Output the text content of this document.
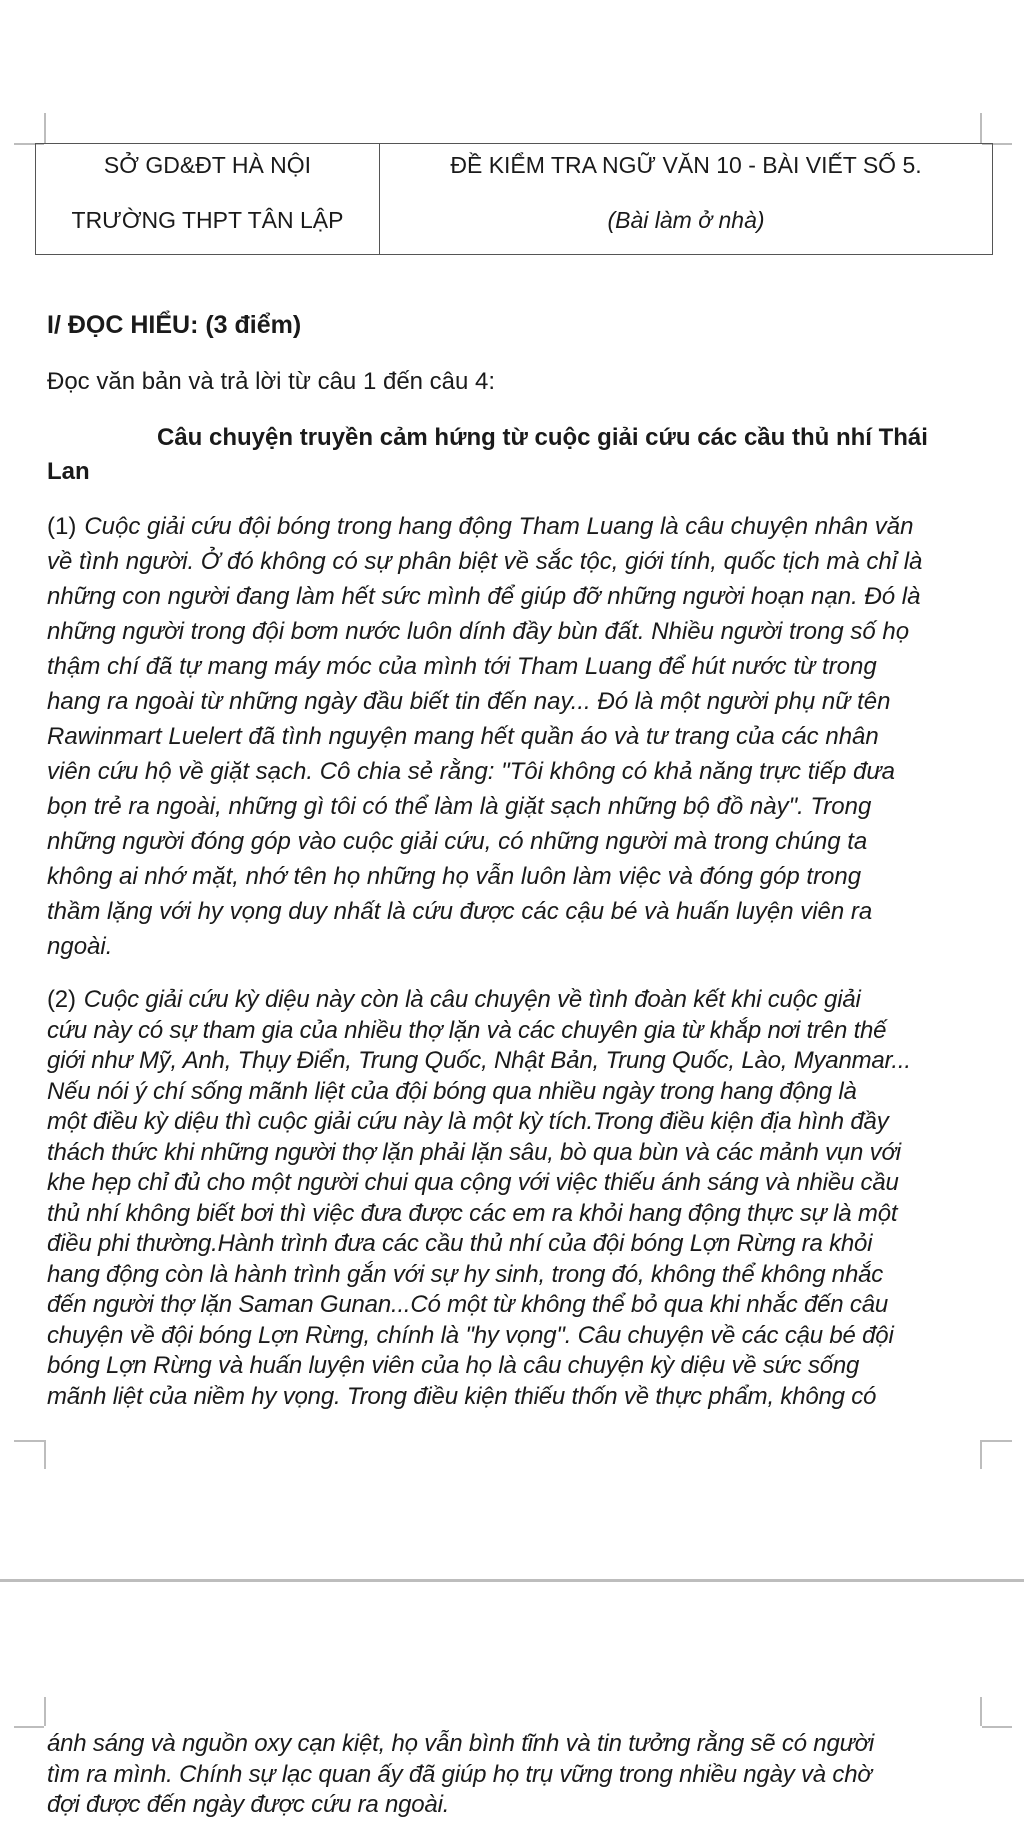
SỞ GD&ĐT HÀ NỘI
TRƯỜNG THPT TÂN LẬP

ĐỀ KIỂM TRA NGỮ VĂN 10 - BÀI VIẾT SỐ 5.
(Bài làm ở nhà)
I/ ĐỌC HIỂU: (3 điểm)
Đọc văn bản và trả lời từ câu 1 đến câu 4:
Câu chuyện truyền cảm hứng từ cuộc giải cứu các cầu thủ nhí Thái
Lan
(1) Cuộc giải cứu đội bóng trong hang động Tham Luang là câu chuyện nhân văn
về tình người. Ở đó không có sự phân biệt về sắc tộc, giới tính, quốc tịch mà chỉ là
những con người đang làm hết sức mình để giúp đỡ những người hoạn nạn. Đó là
những người trong đội bơm nước luôn dính đầy bùn đất. Nhiều người trong số họ
thậm chí đã tự mang máy móc của mình tới Tham Luang để hút nước từ trong
hang ra ngoài từ những ngày đầu biết tin đến nay... Đó là một người phụ nữ tên
Rawinmart Luelert đã tình nguyện mang hết quần áo và tư trang của các nhân
viên cứu hộ về giặt sạch. Cô chia sẻ rằng: "Tôi không có khả năng trực tiếp đưa
bọn trẻ ra ngoài, những gì tôi có thể làm là giặt sạch những bộ đồ này". Trong
những người đóng góp vào cuộc giải cứu, có những người mà trong chúng ta
không ai nhớ mặt, nhớ tên họ những họ vẫn luôn làm việc và đóng góp trong
thầm lặng với hy vọng duy nhất là cứu được các cậu bé và huấn luyện viên ra
ngoài.
(2) Cuộc giải cứu kỳ diệu này còn là câu chuyện về tình đoàn kết khi cuộc giải
cứu này có sự tham gia của nhiều thợ lặn và các chuyên gia từ khắp nơi trên thế
giới như Mỹ, Anh, Thụy Điển, Trung Quốc, Nhật Bản, Trung Quốc, Lào, Myanmar...
Nếu nói ý chí sống mãnh liệt của đội bóng qua nhiều ngày trong hang động là
một điều kỳ diệu thì cuộc giải cứu này là một kỳ tích.Trong điều kiện địa hình đầy
thách thức khi những người thợ lặn phải lặn sâu, bò qua bùn và các mảnh vụn với
khe hẹp chỉ đủ cho một người chui qua cộng với việc thiếu ánh sáng và nhiều cầu
thủ nhí không biết bơi thì việc đưa được các em ra khỏi hang động thực sự là một
điều phi thường.Hành trình đưa các cầu thủ nhí của đội bóng Lợn Rừng ra khỏi
hang động còn là hành trình gắn với sự hy sinh, trong đó, không thể không nhắc
đến người thợ lặn Saman Gunan...Có một từ không thể bỏ qua khi nhắc đến câu
chuyện về đội bóng Lợn Rừng, chính là "hy vọng". Câu chuyện về các cậu bé đội
bóng Lợn Rừng và huấn luyện viên của họ là câu chuyện kỳ diệu về sức sống
mãnh liệt của niềm hy vọng. Trong điều kiện thiếu thốn về thực phẩm, không có
ánh sáng và nguồn oxy cạn kiệt, họ vẫn bình tĩnh và tin tưởng rằng sẽ có người
tìm ra mình. Chính sự lạc quan ấy đã giúp họ trụ vững trong nhiều ngày và chờ
đợi được đến ngày được cứu ra ngoài.
